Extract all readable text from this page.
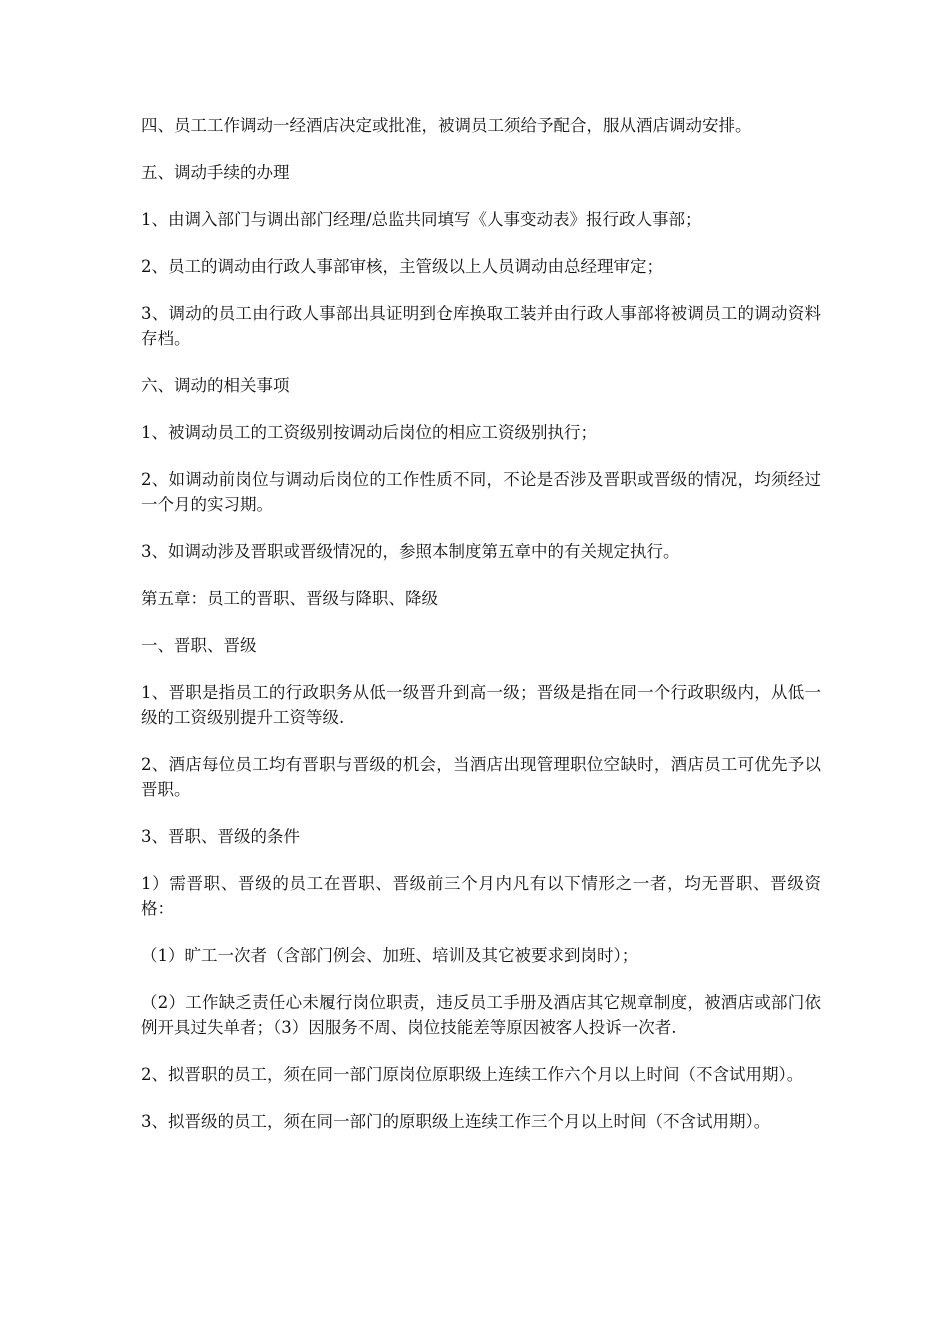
四、员工工作调动一经酒店决定或批准，被调员工须给予配合，服从酒店调动安排。

五、调动手续的办理

1、由调入部门与调出部门经理/总监共同填写《人事变动表》报行政人事部；

2、员工的调动由行政人事部审核，主管级以上人员调动由总经理审定；

3、调动的员工由行政人事部出具证明到仓库换取工装并由行政人事部将被调员工的调动资料存档。

六、调动的相关事项

1、被调动员工的工资级别按调动后岗位的相应工资级别执行；

2、如调动前岗位与调动后岗位的工作性质不同，不论是否涉及晋职或晋级的情况，均须经过一个月的实习期。

3、如调动涉及晋职或晋级情况的，参照本制度第五章中的有关规定执行。

第五章：员工的晋职、晋级与降职、降级

一、晋职、晋级

1、晋职是指员工的行政职务从低一级晋升到高一级；晋级是指在同一个行政职级内，从低一级的工资级别提升工资等级.

2、酒店每位员工均有晋职与晋级的机会，当酒店出现管理职位空缺时，酒店员工可优先予以晋职。

3、晋职、晋级的条件

1）需晋职、晋级的员工在晋职、晋级前三个月内凡有以下情形之一者，均无晋职、晋级资格：

（1）旷工一次者（含部门例会、加班、培训及其它被要求到岗时）；

（2）工作缺乏责任心未履行岗位职责，违反员工手册及酒店其它规章制度，被酒店或部门依例开具过失单者；（3）因服务不周、岗位技能差等原因被客人投诉一次者.

2、拟晋职的员工，须在同一部门原岗位原职级上连续工作六个月以上时间（不含试用期）。

3、拟晋级的员工，须在同一部门的原职级上连续工作三个月以上时间（不含试用期）。
